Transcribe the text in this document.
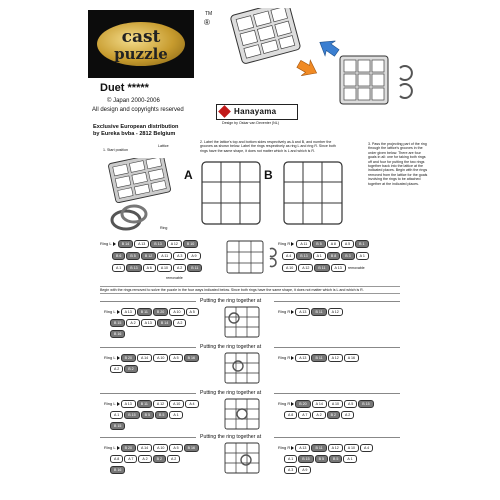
cast
puzzle
TM
®
Duet *****
© Japan 2000-2006
All design and copyrights reserved
Exclusive European distribution
by Eureka bvba - 2812 Belgium
Hanayama
Design by Oskar van Deventer (NL)
1. Start position
Lattice
Ring
2. Label the lattice's top and bottom sides respectively as A and B, and number the grooves as shown below. Label the rings respectively as ring L and ring R. Since both rings have the same shape, it does not matter which is L and which is R.
3. Pass the projecting part of the ring through the lattice's grooves in the order given below. There are four goals in all: one for taking both rings off and four for putting the two rings together back into the lattice at the indicated places. Begin with the rings removed from the lattice for the goals involving the rings to be attached together at the indicated places.
A	B
Ring L	B 14	A 13	B 13	A 12	B 10
B 6	B 5	B 12	A 11	A 3	A 9
A 1	B 13	A 6	A 10	A 2	B 11
removable
Ring R	A 11	B 5	A 8	A 5	B 1
A 4	B 13	A 1	B 8	B 3	A 1
A 10	A 12	B 11	A 13 removable
Begin with the rings removed to solve the puzzle in the four ways indicated below. Since both rings have the same shape, it does not matter which is L and which is R.
Putting the ring together at
Ring L	A 13	B 11	B 20	A 10	A 5
B 15	A 2	A 13	B 14	A 2
B 16
Ring R	A 13	B 11	A 12
Putting the ring together at
Ring L	B 20	A 14	A 10	A 5	B 16
A 2	B 2
Ring R	A 13	B 11	A 12	A 16
Putting the ring together at
Ring L	A 13	B 11	A 12	A 10	A 4
A 1	B 15	B 5	B 5	A 1
B 15
Ring R	B 20	A 14	A 10	A 5	B 15
A 8	A 7	A 2	B 2	A 2
Putting the ring together at
Ring L	B 20	A 14	A 10	A 5	B 16
A 8	A 7	A 2	B 2	A 2
B 16
Ring R	A 13	B 11	A 12	A 10	A 4
A 1	B 15	B 5	B 5	A 1
A 3	A 9
